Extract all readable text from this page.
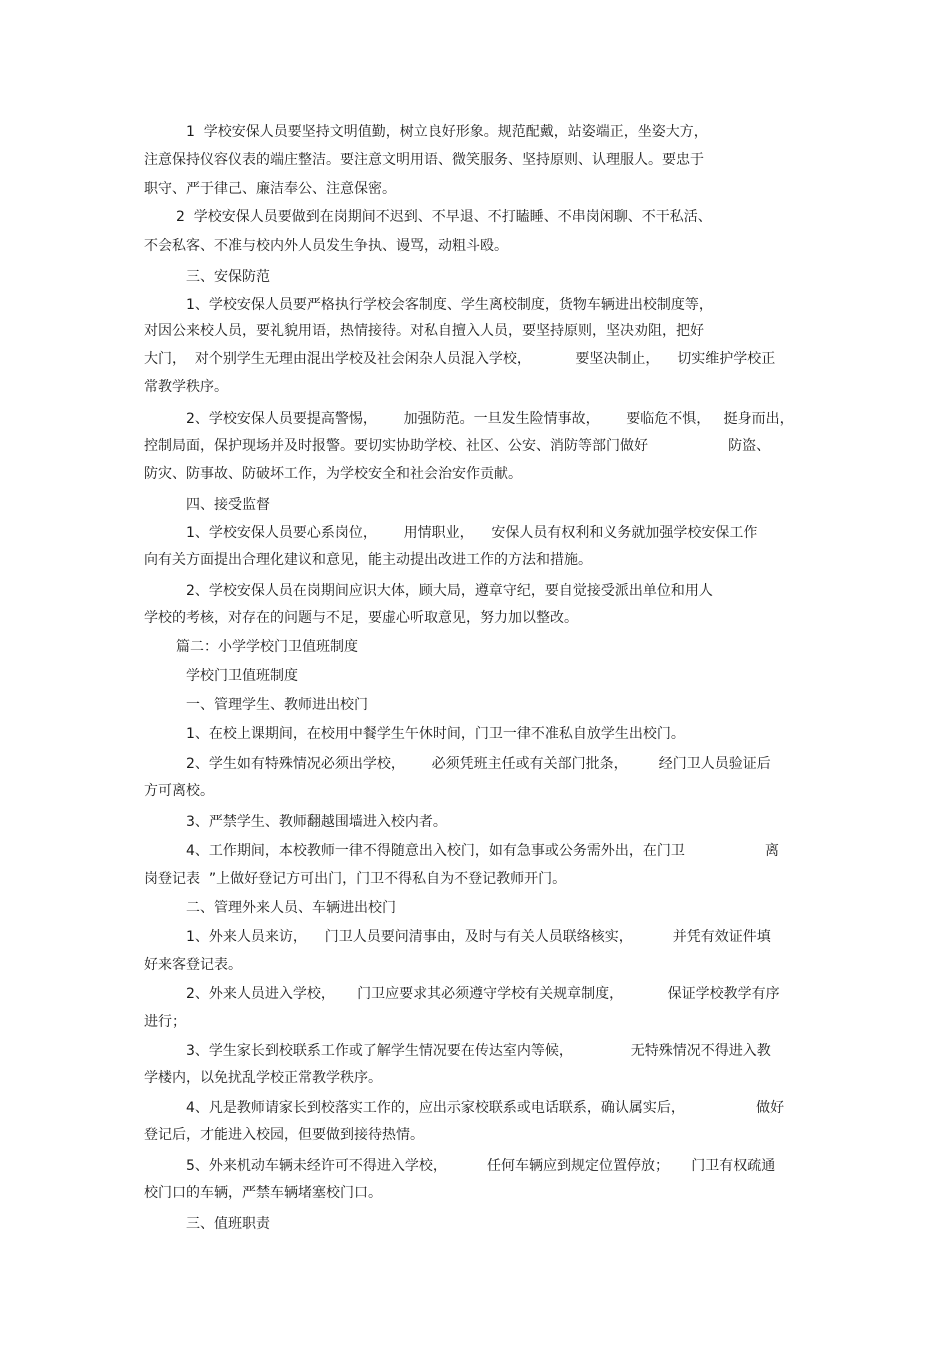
1  学校安保人员要坚持文明值勤，树立良好形象。规范配戴，站姿端正，坐姿大方，
注意保持仪容仪表的端庄整洁。要注意文明用语、微笑服务、坚持原则、认理服人。要忠于
职守、严于律己、廉洁奉公、注意保密。
2  学校安保人员要做到在岗期间不迟到、不早退、不打瞌睡、不串岗闲聊、不干私活、
不会私客、不准与校内外人员发生争执、谩骂，动粗斗殴。
三、安保防范
1、学校安保人员要严格执行学校会客制度、学生离校制度，货物车辆进出校制度等，
对因公来校人员，要礼貌用语，热情接待。对私自擅入人员，要坚持原则，坚决劝阻，把好
大门，  对个别学生无理由混出学校及社会闲杂人员混入学校，          要坚决制止，    切实维护学校正
常教学秩序。
2、学校安保人员要提高警惕，      加强防范。一旦发生险情事故，      要临危不惧，   挺身而出，
控制局面，保护现场并及时报警。要切实协助学校、社区、公安、消防等部门做好                  防盗、
防灾、防事故、防破坏工作，为学校安全和社会治安作贡献。
四、接受监督
1、学校安保人员要心系岗位，      用情职业，    安保人员有权利和义务就加强学校安保工作
向有关方面提出合理化建议和意见，能主动提出改进工作的方法和措施。
2、学校安保人员在岗期间应识大体，顾大局，遵章守纪，要自觉接受派出单位和用人
学校的考核，对存在的问题与不足，要虚心听取意见，努力加以整改。
篇二：小学学校门卫值班制度
学校门卫值班制度
一、管理学生、教师进出校门
1、在校上课期间，在校用中餐学生午休时间，门卫一律不准私自放学生出校门。
2、学生如有特殊情况必须出学校，      必须凭班主任或有关部门批条，       经门卫人员验证后
方可离校。
3、严禁学生、教师翻越围墙进入校内者。
4、工作期间，本校教师一律不得随意出入校门，如有急事或公务需外出，在门卫                  离
岗登记表  ”上做好登记方可出门，门卫不得私自为不登记教师开门。
二、管理外来人员、车辆进出校门
1、外来人员来访，    门卫人员要问清事由，及时与有关人员联络核实，         并凭有效证件填
好来客登记表。
2、外来人员进入学校，     门卫应要求其必须遵守学校有关规章制度，          保证学校教学有序
进行；
3、学生家长到校联系工作或了解学生情况要在传达室内等候，             无特殊情况不得进入教
学楼内，以免扰乱学校正常教学秩序。
4、凡是教师请家长到校落实工作的，应出示家校联系或电话联系，确认属实后，                做好
登记后，才能进入校园，但要做到接待热情。
5、外来机动车辆未经许可不得进入学校，         任何车辆应到规定位置停放；     门卫有权疏通
校门口的车辆，严禁车辆堵塞校门口。
三、值班职责
